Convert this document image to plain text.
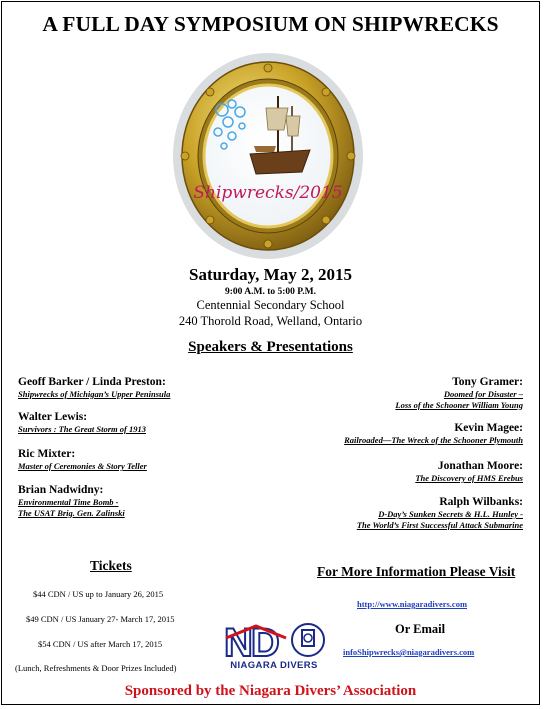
A FULL DAY SYMPOSIUM ON SHIPWRECKS
Shipwrecks/2015
Saturday, May 2, 2015
9:00 A.M. to 5:00 P.M.
Centennial Secondary School
240 Thorold Road, Welland, Ontario
Speakers & Presentations
Geoff Barker / Linda Preston:
Shipwrecks of Michigan’s Upper Peninsula
Walter Lewis:
Survivors : The Great Storm of 1913
Ric Mixter:
Master of Ceremonies & Story Teller
Brian Nadwidny:
Environmental Time Bomb -
The USAT Brig. Gen. Zalinski
Tony Gramer:
Doomed for Disaster –
Loss of the Schooner William Young
Kevin Magee:
Railroaded—The Wreck of the Schooner Plymouth
Jonathan Moore:
The Discovery of HMS Erebus
Ralph Wilbanks:
D-Day’s Sunken Secrets & H.L. Hunley -
The World’s First Successful Attack Submarine
Tickets
$44 CDN / US up to January 26, 2015
$49 CDN / US January 27- March 17, 2015
$54 CDN / US after March 17, 2015
(Lunch, Refreshments & Door Prizes Included)
ND
NIAGARA DIVERS
For More Information Please Visit
http://www.niagaradivers.com
Or Email
infoShipwrecks@niagaradivers.com
Sponsored by the Niagara Divers’ Association
